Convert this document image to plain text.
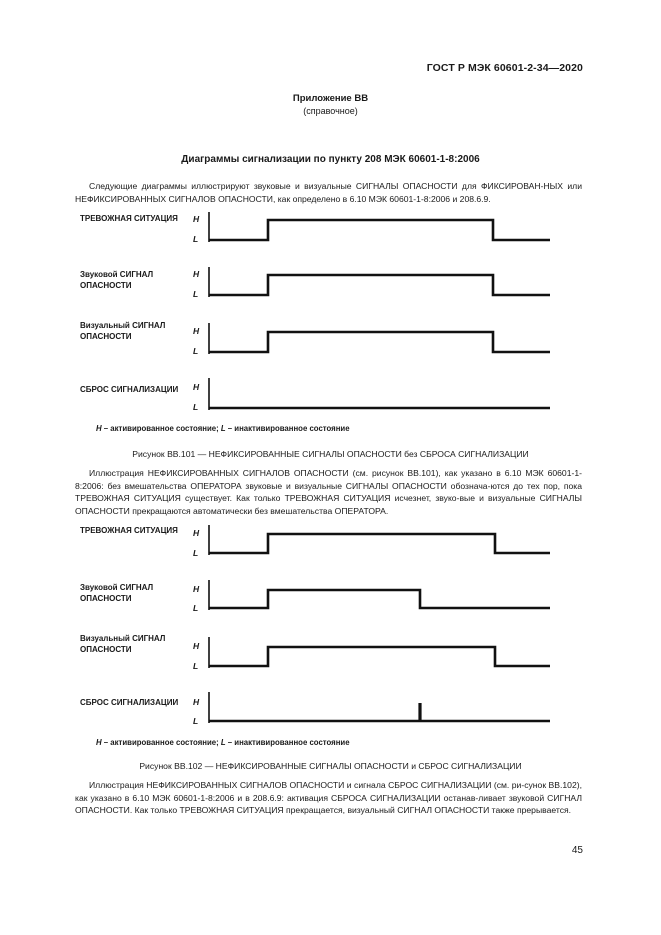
ГОСТ Р МЭК 60601-2-34—2020
Приложение ВВ
(справочное)
Диаграммы сигнализации по пункту 208 МЭК 60601-1-8:2006

Следующие диаграммы иллюстрируют звуковые и визуальные СИГНАЛЫ ОПАСНОСТИ для ФИКСИРОВАН-НЫХ или НЕФИКСИРОВАННЫХ СИГНАЛОВ ОПАСНОСТИ, как определено в 6.10 МЭК 60601-1-8:2006 и 208.6.9.

ТРЕВОЖНАЯ СИТУАЦИЯ
Звуковой СИГНАЛ ОПАСНОСТИ
Визуальный СИГНАЛ ОПАСНОСТИ
СБРОС СИГНАЛИЗАЦИИ
H
L
H
L
H
L
H
L
H – активированное состояние; L – инактивированное состояние
Рисунок ВВ.101 — НЕФИКСИРОВАННЫЕ СИГНАЛЫ ОПАСНОСТИ без СБРОСА СИГНАЛИЗАЦИИ

Иллюстрация НЕФИКСИРОВАННЫХ СИГНАЛОВ ОПАСНОСТИ (см. рисунок ВВ.101), как указано в 6.10 МЭК 60601-1-8:2006: без вмешательства ОПЕРАТОРА звуковые и визуальные СИГНАЛЫ ОПАСНОСТИ обознача-ются до тех пор, пока ТРЕВОЖНАЯ СИТУАЦИЯ существует. Как только ТРЕВОЖНАЯ СИТУАЦИЯ исчезнет, звуко-вые и визуальные СИГНАЛЫ ОПАСНОСТИ прекращаются автоматически без вмешательства ОПЕРАТОРА.

ТРЕВОЖНАЯ СИТУАЦИЯ
Звуковой СИГНАЛ ОПАСНОСТИ
Визуальный СИГНАЛ ОПАСНОСТИ
СБРОС СИГНАЛИЗАЦИИ
H
L
H
L
H
L
H
L
H – активированное состояние; L – инактивированное состояние
Рисунок ВВ.102 — НЕФИКСИРОВАННЫЕ СИГНАЛЫ ОПАСНОСТИ и СБРОС СИГНАЛИЗАЦИИ

Иллюстрация НЕФИКСИРОВАННЫХ СИГНАЛОВ ОПАСНОСТИ и сигнала СБРОС СИГНАЛИЗАЦИИ (см. ри-сунок ВВ.102), как указано в 6.10 МЭК 60601-1-8:2006 и в 208.6.9: активация СБРОСА СИГНАЛИЗАЦИИ останав-ливает звуковой СИГНАЛ ОПАСНОСТИ. Как только ТРЕВОЖНАЯ СИТУАЦИЯ прекращается, визуальный СИГНАЛ ОПАСНОСТИ также прерывается.

45
